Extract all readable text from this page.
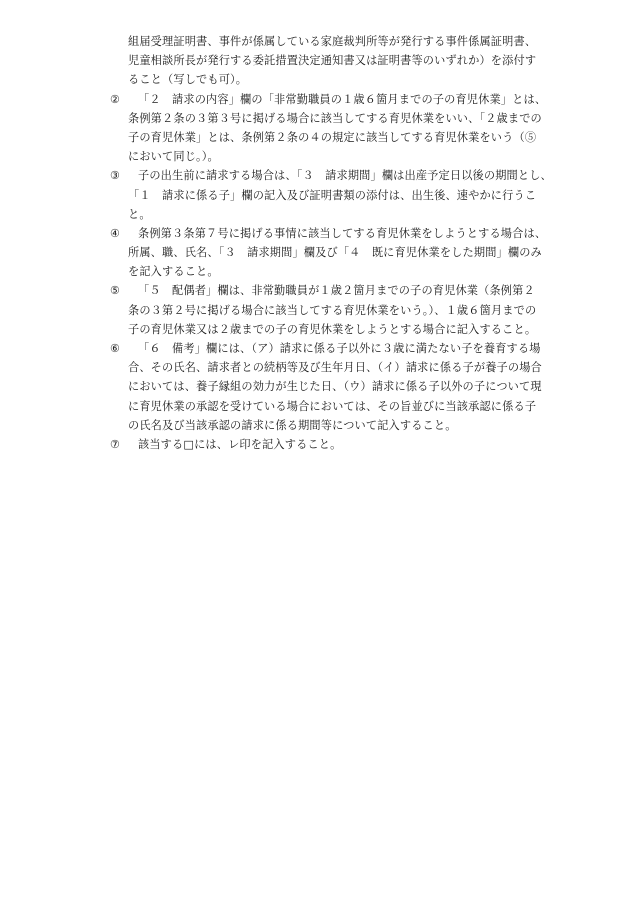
組届受理証明書、事件が係属している家庭裁判所等が発行する事件係属証明書、
児童相談所長が発行する委託措置決定通知書又は証明書等のいずれか）を添付す
ること（写しでも可）。
② 「２　請求の内容」欄の「非常勤職員の１歳６箇月までの子の育児休業」とは、
条例第２条の３第３号に掲げる場合に該当してする育児休業をいい、「２歳までの
子の育児休業」とは、条例第２条の４の規定に該当してする育児休業をいう（⑤
において同じ。）。
③ 子の出生前に請求する場合は、「３　請求期間」欄は出産予定日以後の期間とし、
「１　請求に係る子」欄の記入及び証明書類の添付は、出生後、速やかに行うこ
と。
④ 条例第３条第７号に掲げる事情に該当してする育児休業をしようとする場合は、
所属、職、氏名、「３　請求期間」欄及び「４　既に育児休業をした期間」欄のみ
を記入すること。
⑤ 「５　配偶者」欄は、非常勤職員が１歳２箇月までの子の育児休業（条例第２
条の３第２号に掲げる場合に該当してする育児休業をいう。）、１歳６箇月までの
子の育児休業又は２歳までの子の育児休業をしようとする場合に記入すること。
⑥ 「６　備考」欄には、（ア）請求に係る子以外に３歳に満たない子を養育する場
合、その氏名、請求者との続柄等及び生年月日、（イ）請求に係る子が養子の場合
においては、養子縁組の効力が生じた日、（ウ）請求に係る子以外の子について現
に育児休業の承認を受けている場合においては、その旨並びに当該承認に係る子
の氏名及び当該承認の請求に係る期間等について記入すること。
⑦ 該当する□には、レ印を記入すること。
